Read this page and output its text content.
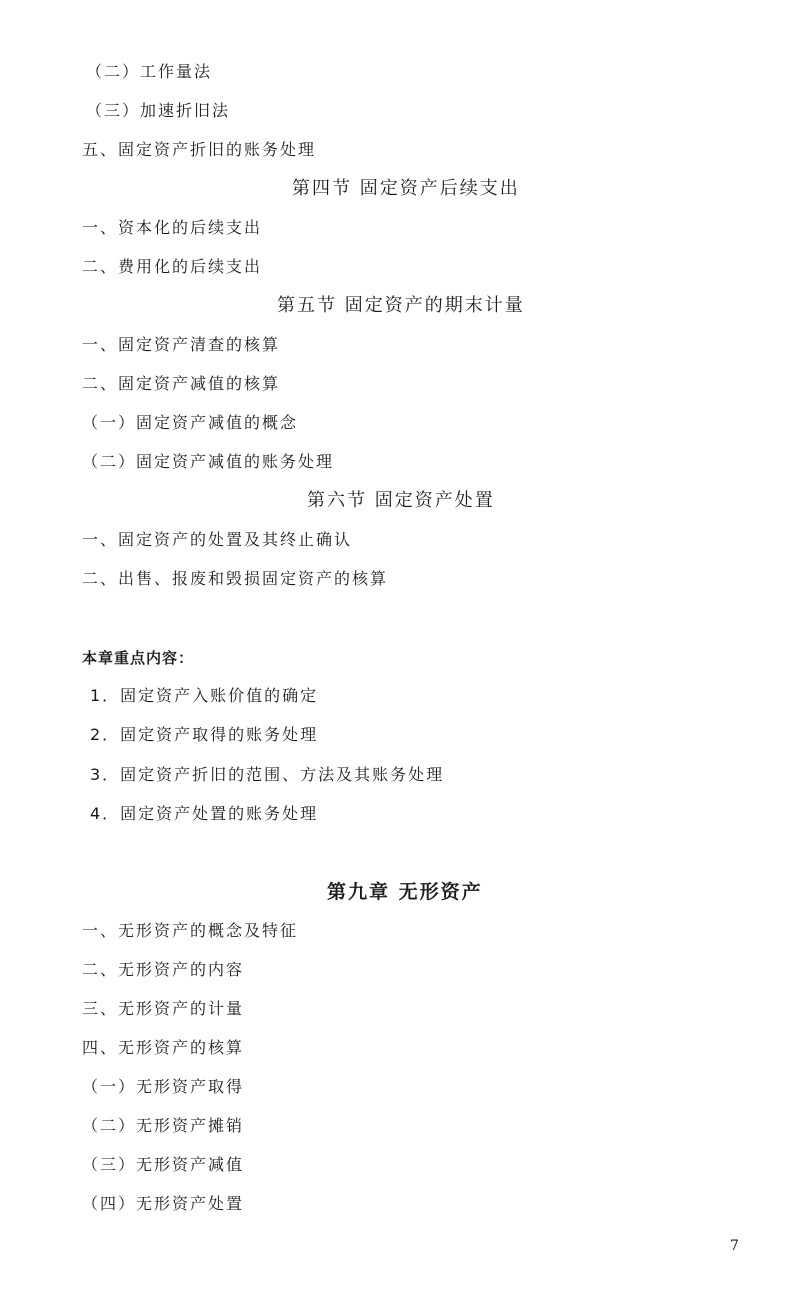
（二）工作量法
（三）加速折旧法
五、固定资产折旧的账务处理
第四节 固定资产后续支出
一、资本化的后续支出
二、费用化的后续支出
第五节 固定资产的期末计量
一、固定资产清查的核算
二、固定资产减值的核算
（一）固定资产减值的概念
（二）固定资产减值的账务处理
第六节 固定资产处置
一、固定资产的处置及其终止确认
二、出售、报废和毁损固定资产的核算
本章重点内容：
1．固定资产入账价值的确定
2．固定资产取得的账务处理
3．固定资产折旧的范围、方法及其账务处理
4．固定资产处置的账务处理
第九章 无形资产
一、无形资产的概念及特征
二、无形资产的内容
三、无形资产的计量
四、无形资产的核算
（一）无形资产取得
（二）无形资产摊销
（三）无形资产减值
（四）无形资产处置
7
